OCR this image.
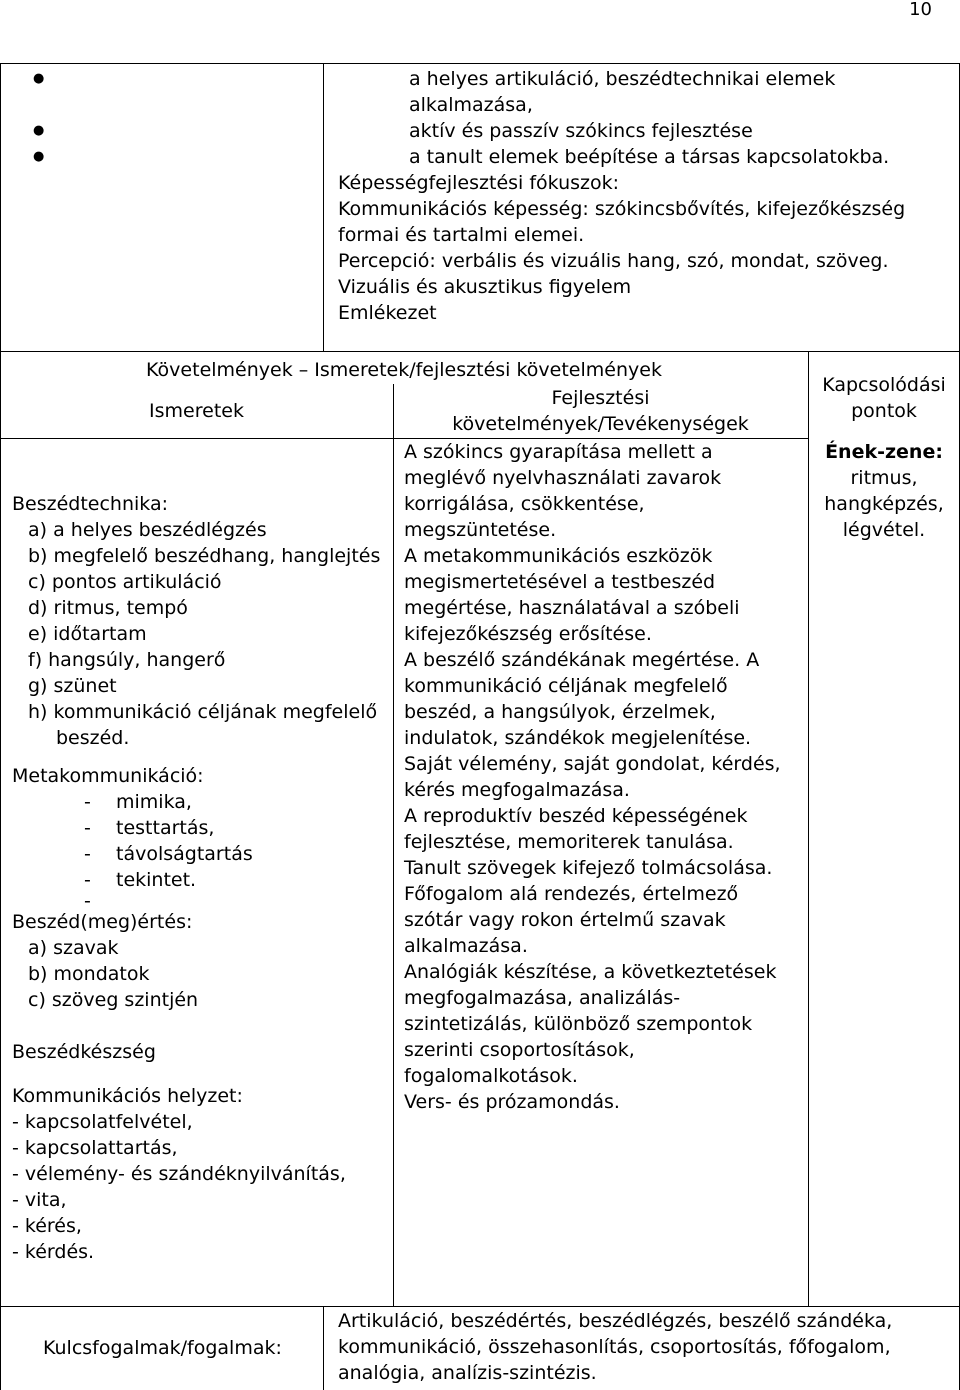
10
● a helyes artikuláció, beszédtechnikai elemek
alkalmazása,
● aktív és passzív szókincs fejlesztése
● a tanult elemek beépítése a társas kapcsolatokba.
Képességfejlesztési fókuszok:
Kommunikációs képesség: szókincsbővítés, kifejezőkészség
formai és tartalmi elemei.
Percepció: verbális és vizuális hang, szó, mondat, szöveg.
Vizuális és akusztikus figyelem
Emlékezet
Követelmények – Ismeretek/fejlesztési követelmények
Ismeretek
Fejlesztési
követelmények/Tevékenységek
Kapcsolódási
pontok
Beszédtechnika:
a) a helyes beszédlégzés
b) megfelelő beszédhang, hanglejtés
c) pontos artikuláció
d) ritmus, tempó
e) időtartam
f) hangsúly, hangerő
g) szünet
h) kommunikáció céljának megfelelő
beszéd.
Metakommunikáció:
- mimika,
- testtartás,
- távolságtartás
- tekintet.
-
Beszéd(meg)értés:
a) szavak
b) mondatok
c) szöveg szintjén
Beszédkészség
Kommunikációs helyzet:
- kapcsolatfelvétel,
- kapcsolattartás,
- vélemény- és szándéknyilvánítás,
- vita,
- kérés,
- kérdés.
A szókincs gyarapítása mellett a
meglévő nyelvhasználati zavarok
korrigálása, csökkentése,
megszüntetése.
A metakommunikációs eszközök
megismertetésével a testbeszéd
megértése, használatával a szóbeli
kifejezőkészség erősítése.
A beszélő szándékának megértése. A
kommunikáció céljának megfelelő
beszéd, a hangsúlyok, érzelmek,
indulatok, szándékok megjelenítése.
Saját vélemény, saját gondolat, kérdés,
kérés megfogalmazása.
A reproduktív beszéd képességének
fejlesztése, memoriterek tanulása.
Tanult szövegek kifejező tolmácsolása.
Főfogalom alá rendezés, értelmező
szótár vagy rokon értelmű szavak
alkalmazása.
Analógiák készítése, a következtetések
megfogalmazása, analizálás-
szintetizálás, különböző szempontok
szerinti csoportosítások,
fogalomalkotások.
Vers- és prózamondás.
Ének-zene:
ritmus,
hangképzés,
légvétel.
Kulcsfogalmak/fogalmak:
Artikuláció, beszédértés, beszédlégzés, beszélő szándéka,
kommunikáció, összehasonlítás, csoportosítás, főfogalom,
analógia, analízis-szintézis.
